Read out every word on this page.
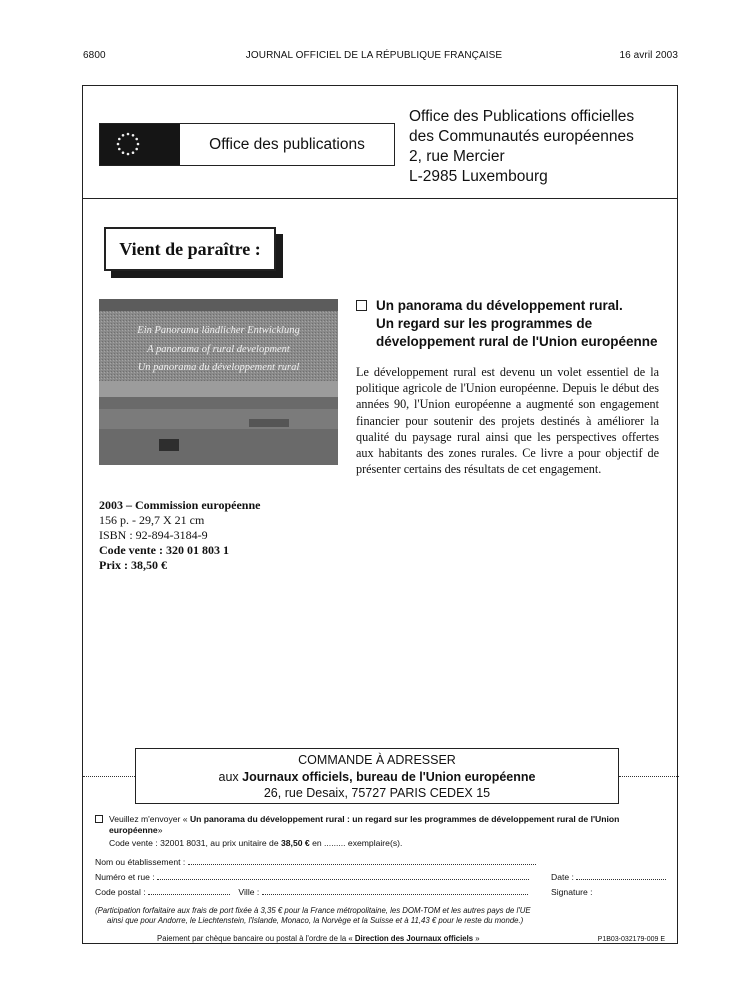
6800	JOURNAL OFFICIEL DE LA RÉPUBLIQUE FRANÇAISE	16 avril 2003
Office des publications
Office des Publications officielles
des Communautés européennes
2, rue Mercier
L-2985 Luxembourg
Vient de paraître :
Ein Panorama ländlicher Entwicklung
A panorama of rural development
Un panorama du développement rural
Un panorama du développement rural.
Un regard sur les programmes de
développement rural de l'Union européenne
Le développement rural est devenu un volet essentiel de la politique agricole de l'Union européenne. Depuis le début des années 90, l'Union européenne a augmenté son engagement financier pour soutenir des projets destinés à améliorer la qualité du paysage rural ainsi que les perspectives offertes aux habitants des zones rurales. Ce livre a pour objectif de présenter certains des résultats de cet engagement.
2003 – Commission européenne
156 p. - 29,7 X 21 cm
ISBN : 92-894-3184-9
Code vente : 320 01 803 1
Prix : 38,50 €
COMMANDE À ADRESSER
aux Journaux officiels, bureau de l'Union européenne
26, rue Desaix, 75727 PARIS CEDEX 15
Veuillez m'envoyer « Un panorama du développement rural : un regard sur les programmes de développement rural de l'Union européenne»
Code vente : 32001 8031, au prix unitaire de 38,50 € en ......... exemplaire(s).
Nom ou établissement :
Numéro et rue :	Date :
Code postal :	Ville :	Signature :
(Participation forfaitaire aux frais de port fixée à 3,35 € pour la France métropolitaine, les DOM-TOM et les autres pays de l'UE
ainsi que pour Andorre, le Liechtenstein, l'Islande, Monaco, la Norvège et la Suisse et à 11,43 € pour le reste du monde.)
Paiement par chèque bancaire ou postal à l'ordre de la « Direction des Journaux officiels »	P1B03-032179-009 E
